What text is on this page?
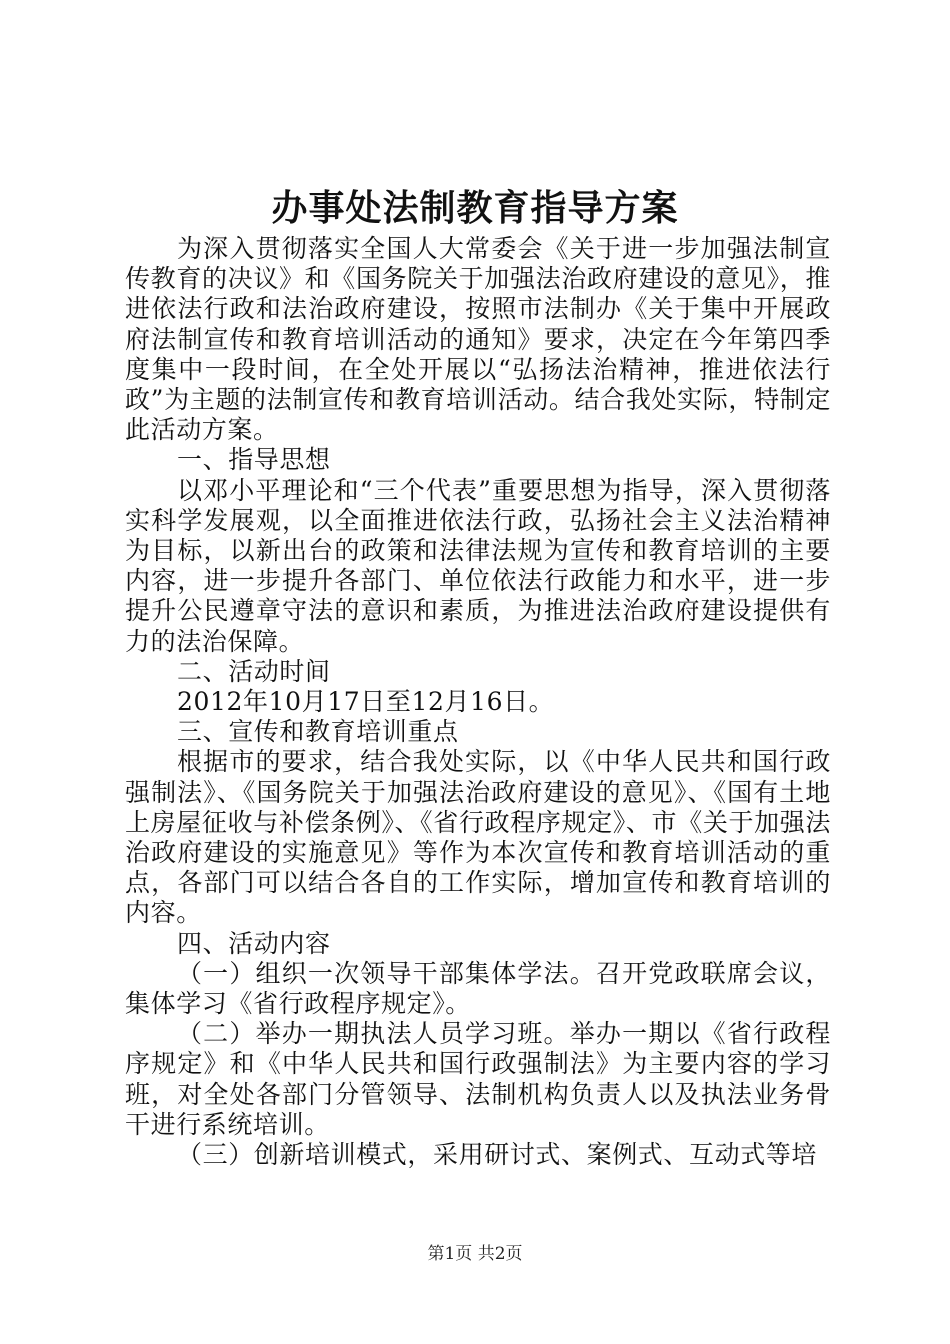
办事处法制教育指导方案

为深入贯彻落实全国人大常委会《关于进一步加强法制宣传教育的决议》和《国务院关于加强法治政府建设的意见》，推进依法行政和法治政府建设，按照市法制办《关于集中开展政府法制宣传和教育培训活动的通知》要求，决定在今年第四季度集中一段时间，在全处开展以“弘扬法治精神，推进依法行政”为主题的法制宣传和教育培训活动。结合我处实际，特制定此活动方案。

一、指导思想

以邓小平理论和“三个代表”重要思想为指导，深入贯彻落实科学发展观，以全面推进依法行政，弘扬社会主义法治精神为目标，以新出台的政策和法律法规为宣传和教育培训的主要内容，进一步提升各部门、单位依法行政能力和水平，进一步提升公民遵章守法的意识和素质，为推进法治政府建设提供有力的法治保障。

二、活动时间

2012年10月17日至12月16日。

三、宣传和教育培训重点

根据市的要求，结合我处实际，以《中华人民共和国行政强制法》、《国务院关于加强法治政府建设的意见》、《国有土地上房屋征收与补偿条例》、《省行政程序规定》、市《关于加强法治政府建设的实施意见》等作为本次宣传和教育培训活动的重点，各部门可以结合各自的工作实际，增加宣传和教育培训的内容。

四、活动内容

（一）组织一次领导干部集体学法。召开党政联席会议，集体学习《省行政程序规定》。

（二）举办一期执法人员学习班。举办一期以《省行政程序规定》和《中华人民共和国行政强制法》为主要内容的学习班，对全处各部门分管领导、法制机构负责人以及执法业务骨干进行系统培训。

（三）创新培训模式，采用研讨式、案例式、互动式等培

第1页 共2页
